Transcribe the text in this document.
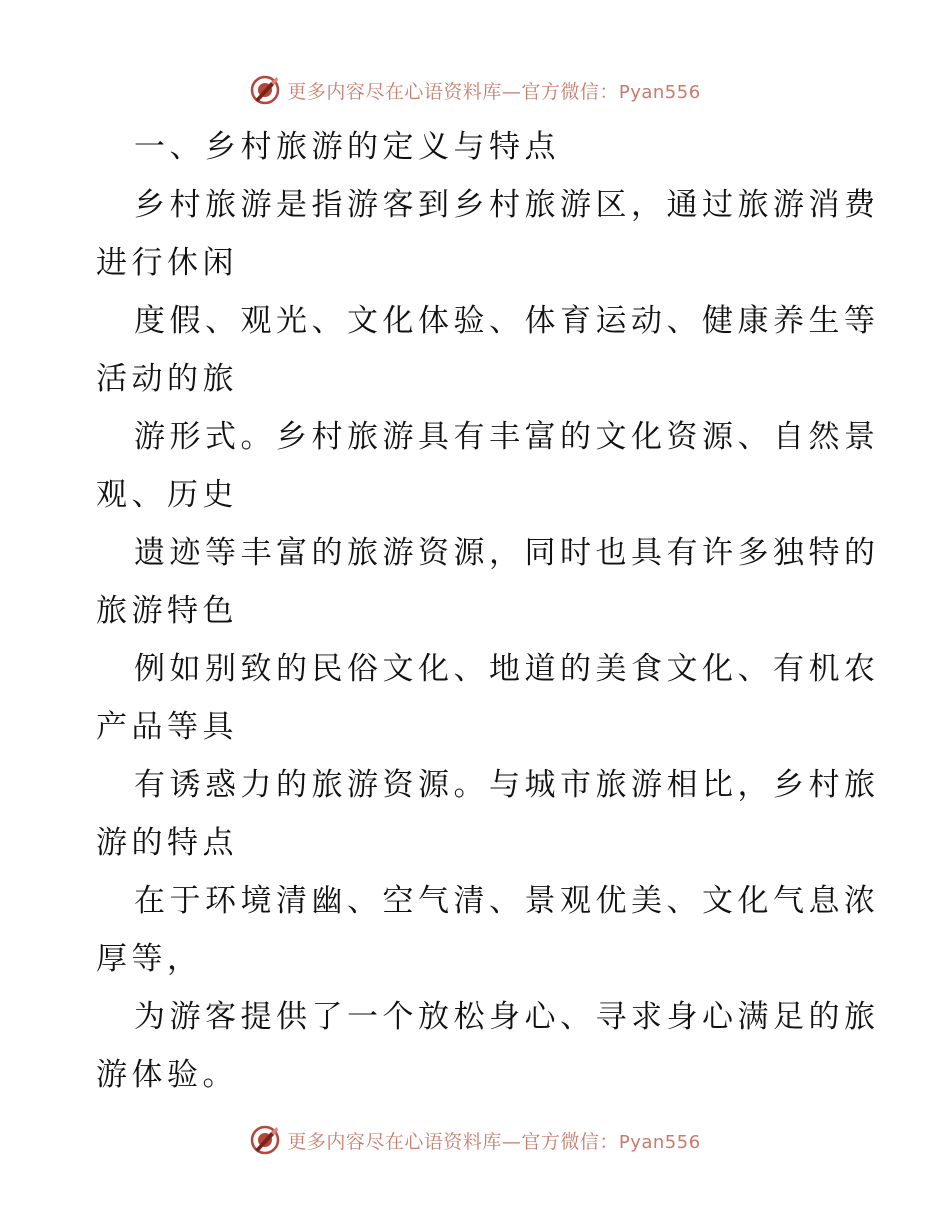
更多内容尽在心语资料库—官方微信：Pyan556
一、乡村旅游的定义与特点
乡村旅游是指游客到乡村旅游区，通过旅游消费
进行休闲
度假、观光、文化体验、体育运动、健康养生等
活动的旅
游形式。乡村旅游具有丰富的文化资源、自然景
观、历史
遗迹等丰富的旅游资源，同时也具有许多独特的
旅游特色
例如别致的民俗文化、地道的美食文化、有机农
产品等具
有诱惑力的旅游资源。与城市旅游相比，乡村旅
游的特点
在于环境清幽、空气清、景观优美、文化气息浓
厚等，
为游客提供了一个放松身心、寻求身心满足的旅
游体验。
更多内容尽在心语资料库—官方微信：Pyan556
